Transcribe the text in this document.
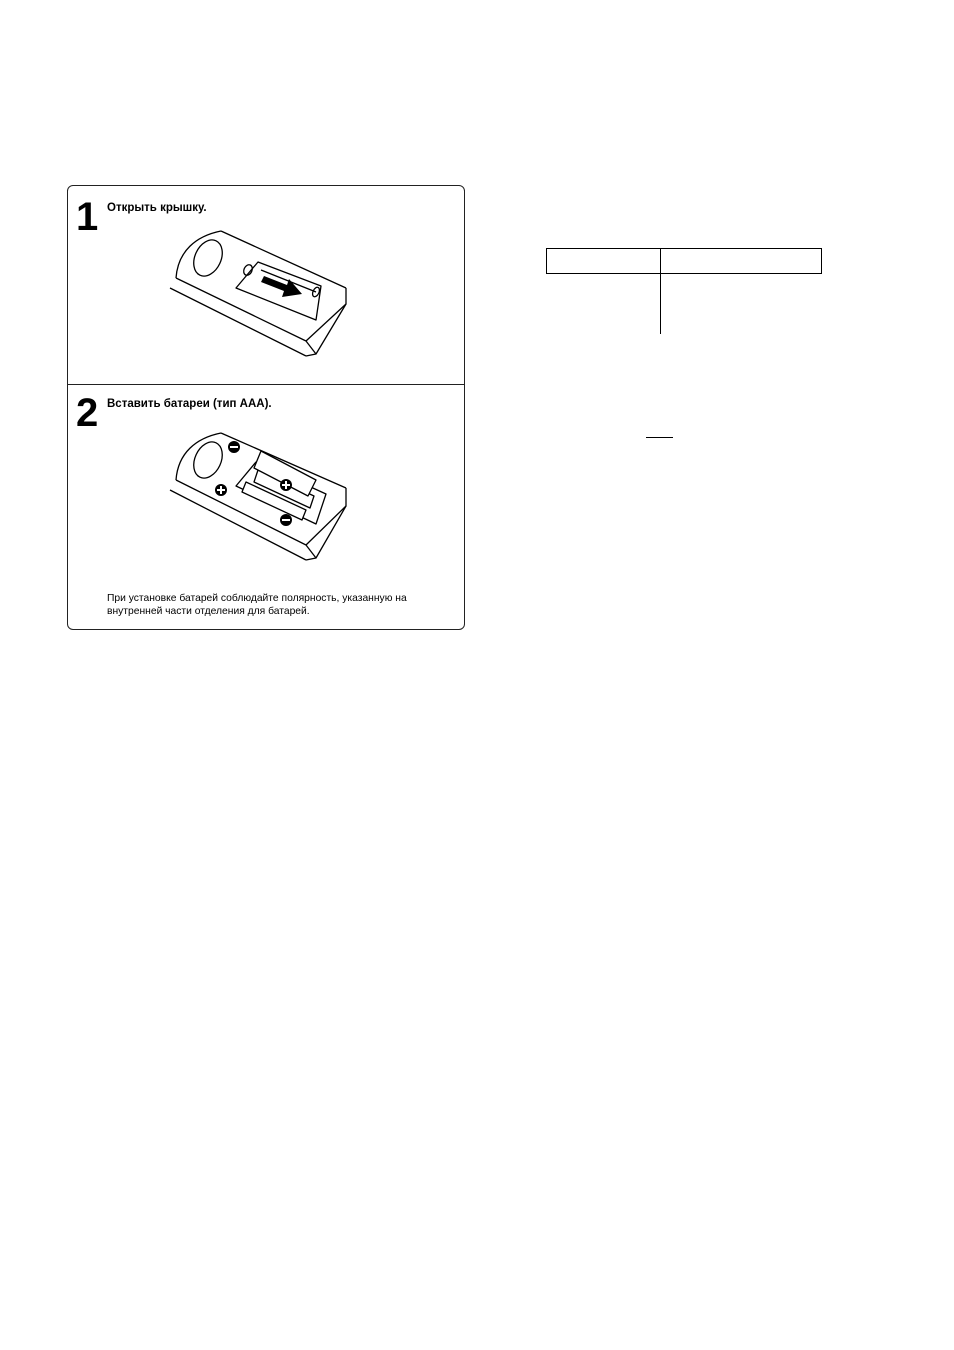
1 Открыть крышку.
2 Вставить батареи (тип AAA).
При установке батарей соблюдайте полярность, указанную на внутренней части отделения для батарей.
